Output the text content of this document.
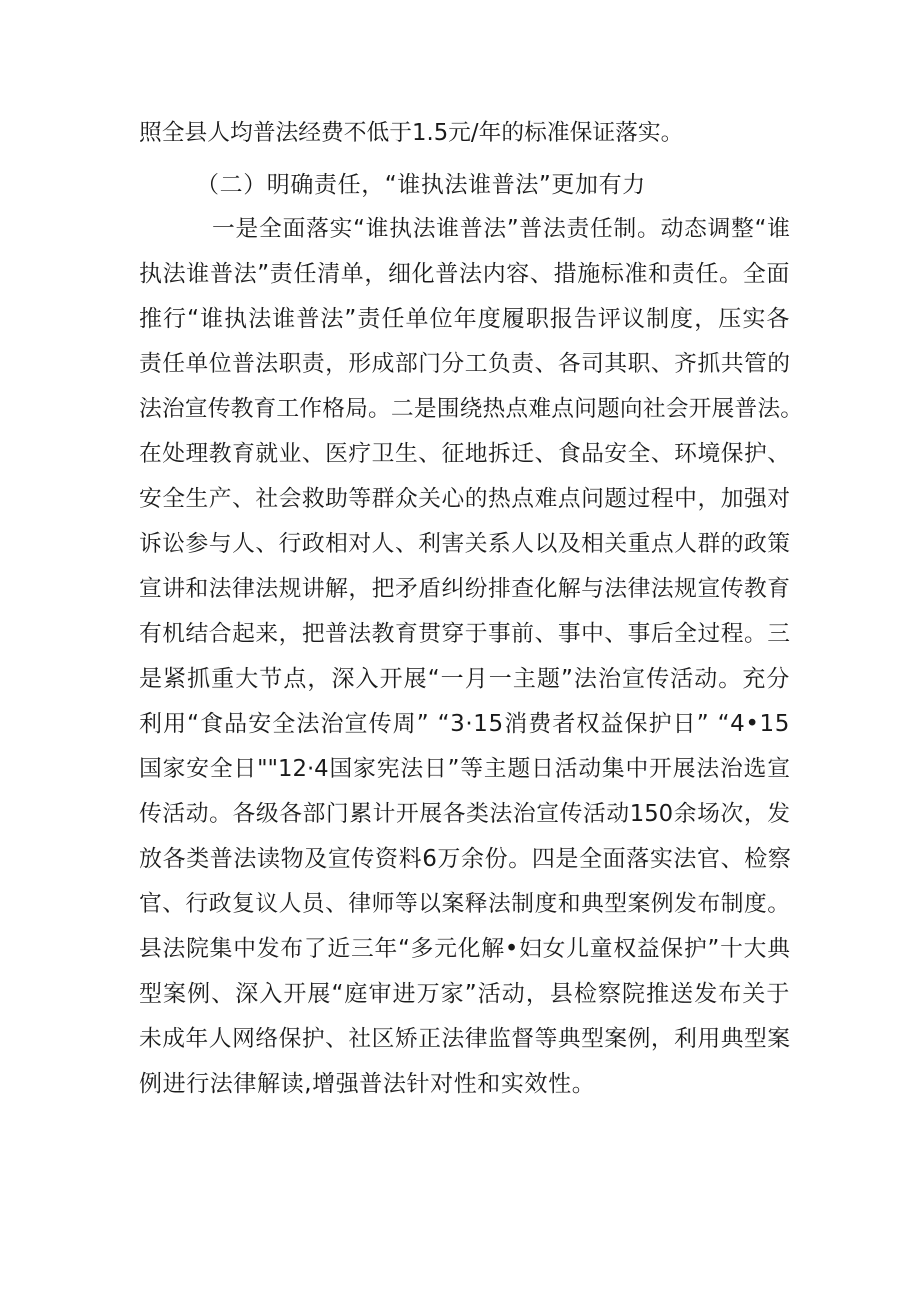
照全县人均普法经费不低于1.5元/年的标准保证落实。
（二）明确责任，“谁执法谁普法”更加有力
一是全面落实“谁执法谁普法”普法责任制。动态调整“谁
执法谁普法”责任清单，细化普法内容、措施标准和责任。全面
推行“谁执法谁普法”责任单位年度履职报告评议制度，压实各
责任单位普法职责，形成部门分工负责、各司其职、齐抓共管的
法治宣传教育工作格局。二是围绕热点难点问题向社会开展普法。
在处理教育就业、医疗卫生、征地拆迁、食品安全、环境保护、
安全生产、社会救助等群众关心的热点难点问题过程中，加强对
诉讼参与人、行政相对人、利害关系人以及相关重点人群的政策
宣讲和法律法规讲解，把矛盾纠纷排查化解与法律法规宣传教育
有机结合起来，把普法教育贯穿于事前、事中、事后全过程。三
是紧抓重大节点，深入开展“一月一主题”法治宣传活动。充分
利用“食品安全法治宣传周” “3·15消费者权益保护日” “4•15
国家安全日""12·4国家宪法日”等主题日活动集中开展法治选宣
传活动。各级各部门累计开展各类法治宣传活动150余场次，发
放各类普法读物及宣传资料6万余份。四是全面落实法官、检察
官、行政复议人员、律师等以案释法制度和典型案例发布制度。
县法院集中发布了近三年“多元化解•妇女儿童权益保护”十大典
型案例、深入开展“庭审进万家”活动，县检察院推送发布关于
未成年人网络保护、社区矫正法律监督等典型案例，利用典型案
例进行法律解读,增强普法针对性和实效性。
